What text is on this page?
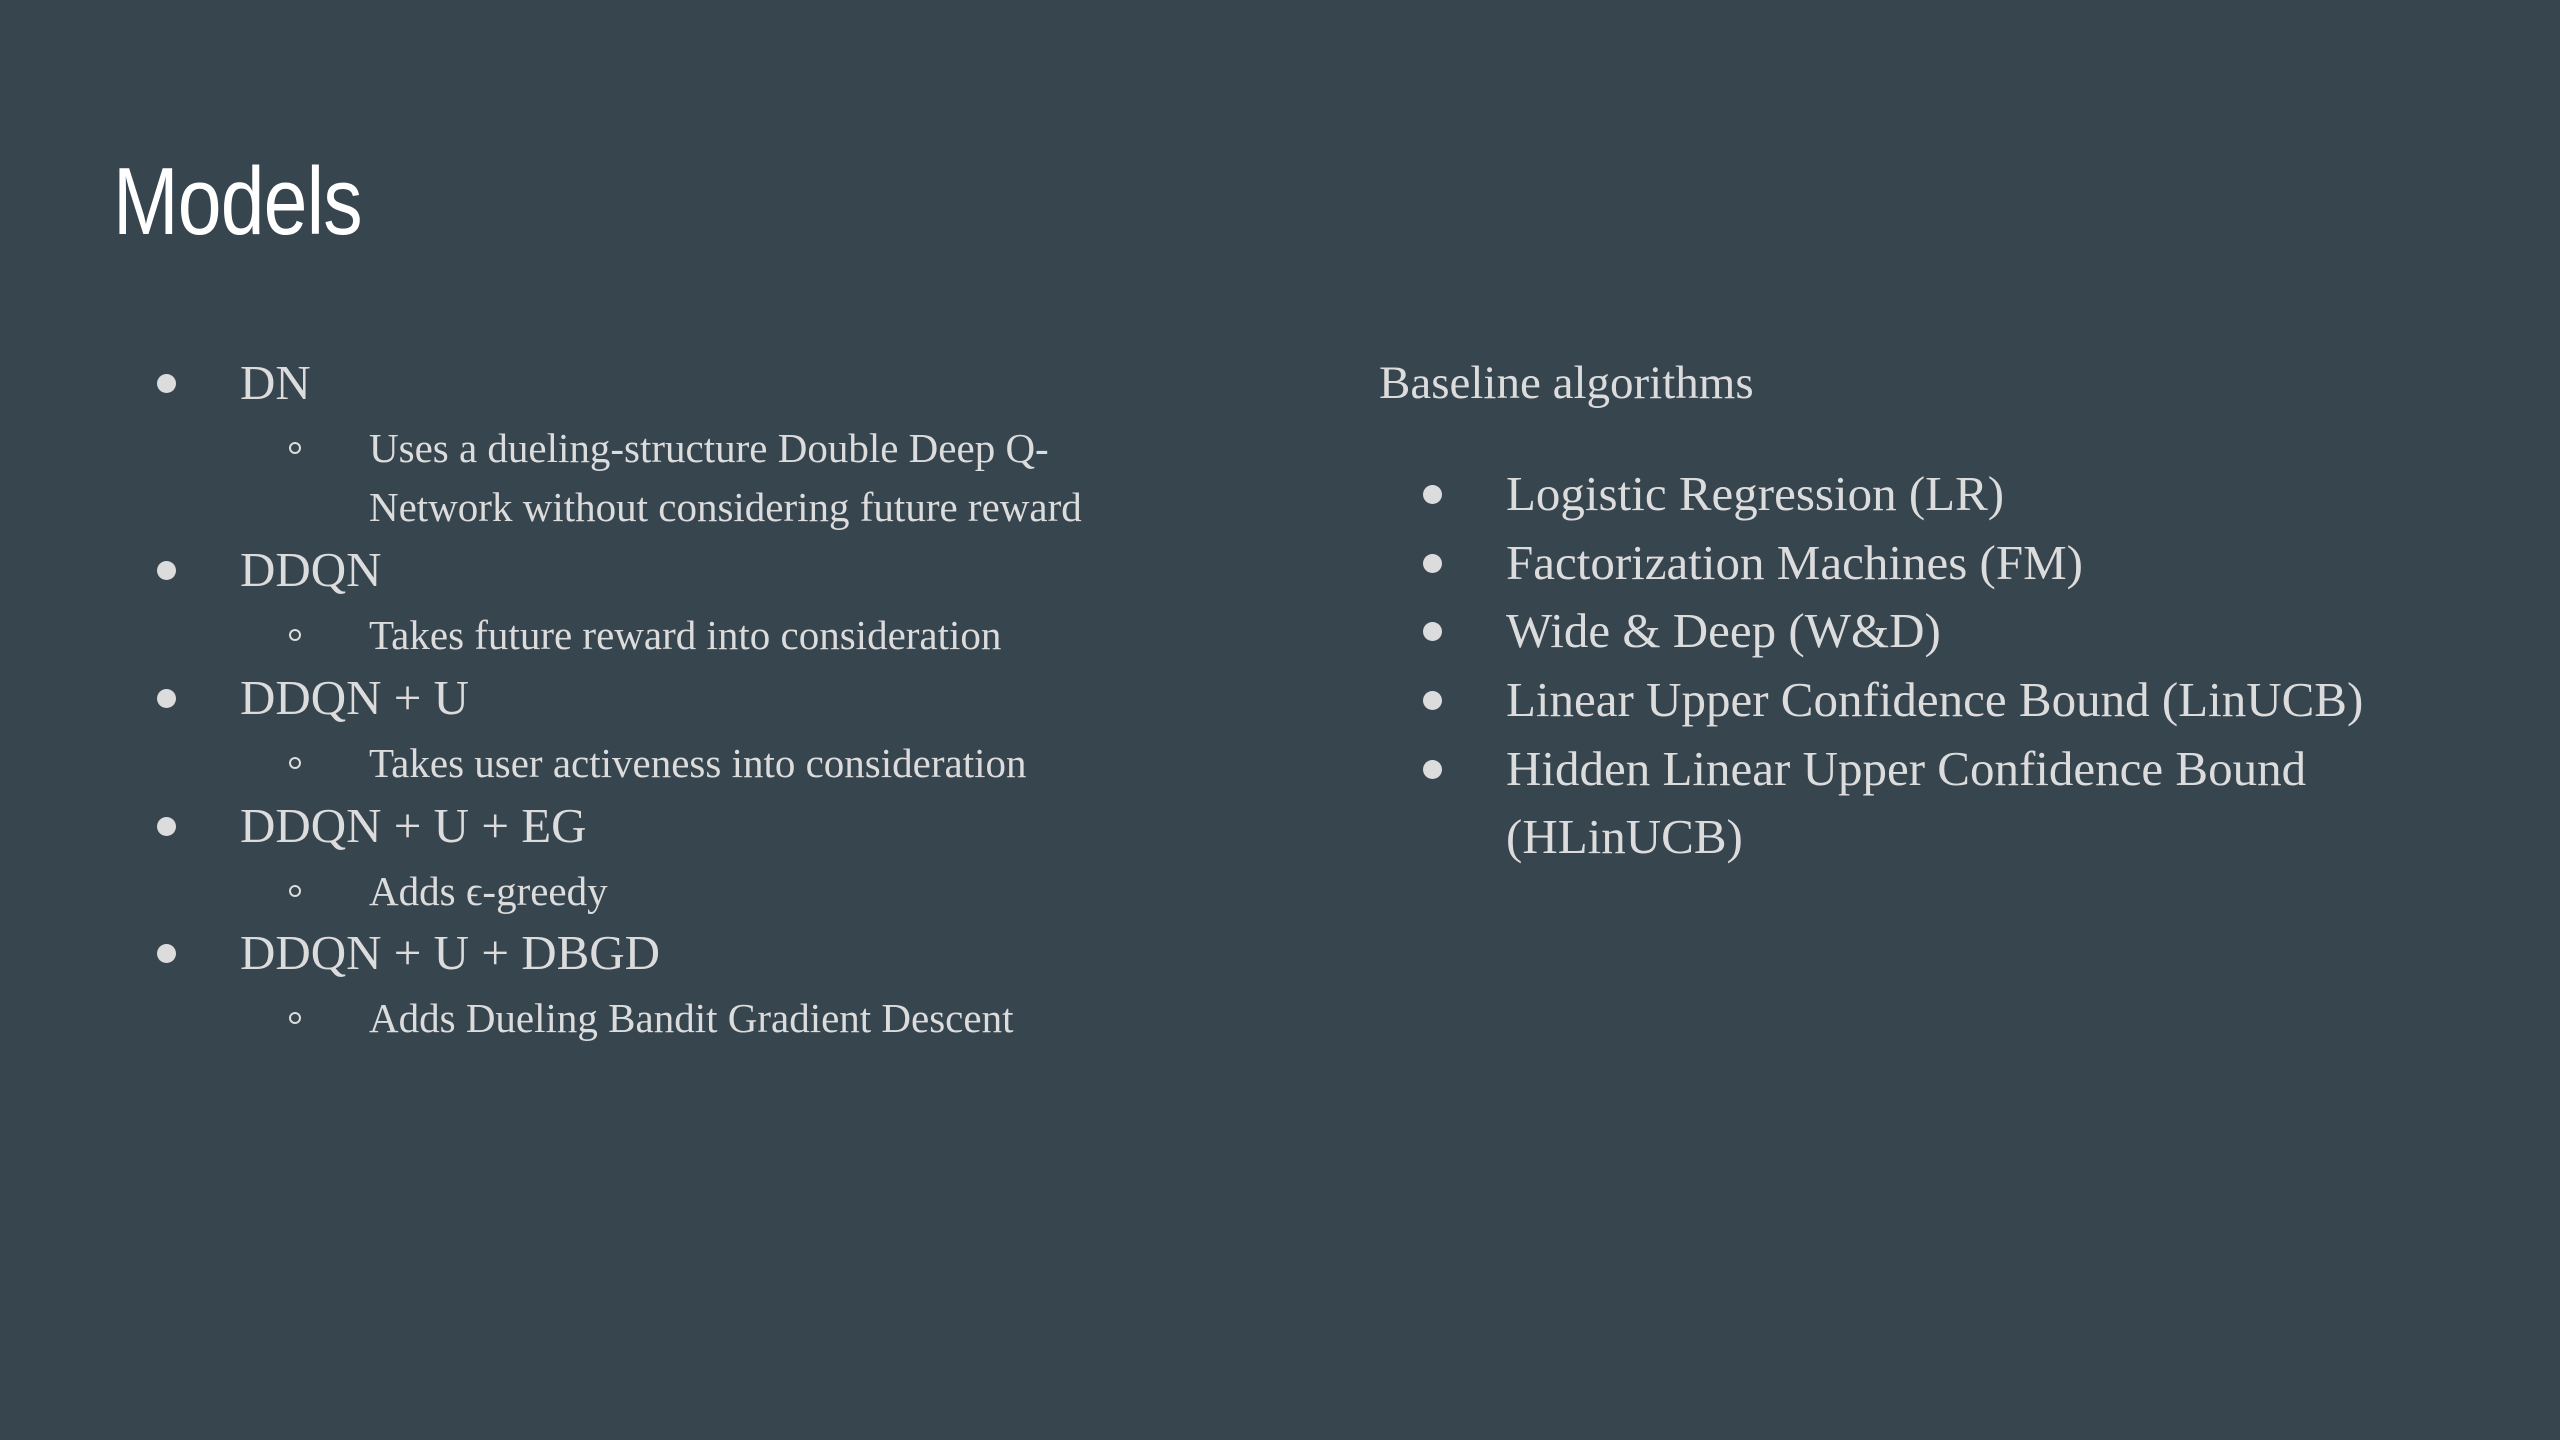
Models
DN
Uses a dueling-structure Double Deep Q-
Network without considering future reward
DDQN
Takes future reward into consideration
DDQN + U
Takes user activeness into consideration
DDQN + U + EG
Adds ϵ-greedy
DDQN + U + DBGD
Adds Dueling Bandit Gradient Descent
Baseline algorithms
Logistic Regression (LR)
Factorization Machines (FM)
Wide & Deep (W&D)
Linear Upper Confidence Bound (LinUCB)
Hidden Linear Upper Confidence Bound
(HLinUCB)
